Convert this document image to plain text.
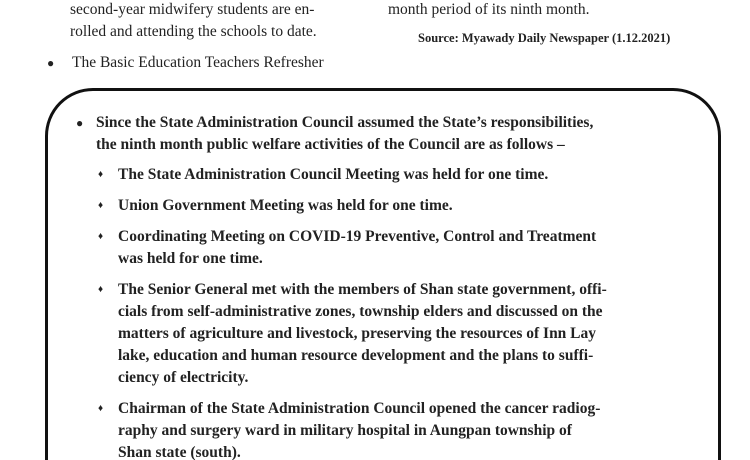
second-year midwifery students are en-
rolled and attending the schools to date.
● The Basic Education Teachers Refresher
month period of its ninth month.
Source: Myawady Daily Newspaper (1.12.2021)
● Since the State Administration Council assumed the State’s responsibilities,
the ninth month public welfare activities of the Council are as follows –
♦ The State Administration Council Meeting was held for one time.
♦ Union Government Meeting was held for one time.
♦ Coordinating Meeting on COVID-19 Preventive, Control and Treatment
was held for one time.
♦ The Senior General met with the members of Shan state government, offi-
cials from self-administrative zones, township elders and discussed on the
matters of agriculture and livestock, preserving the resources of Inn Lay
lake, education and human resource development and the plans to suffi-
ciency of electricity.
♦ Chairman of the State Administration Council opened the cancer radiog-
raphy and surgery ward in military hospital in Aungpan township of
Shan state (south).
